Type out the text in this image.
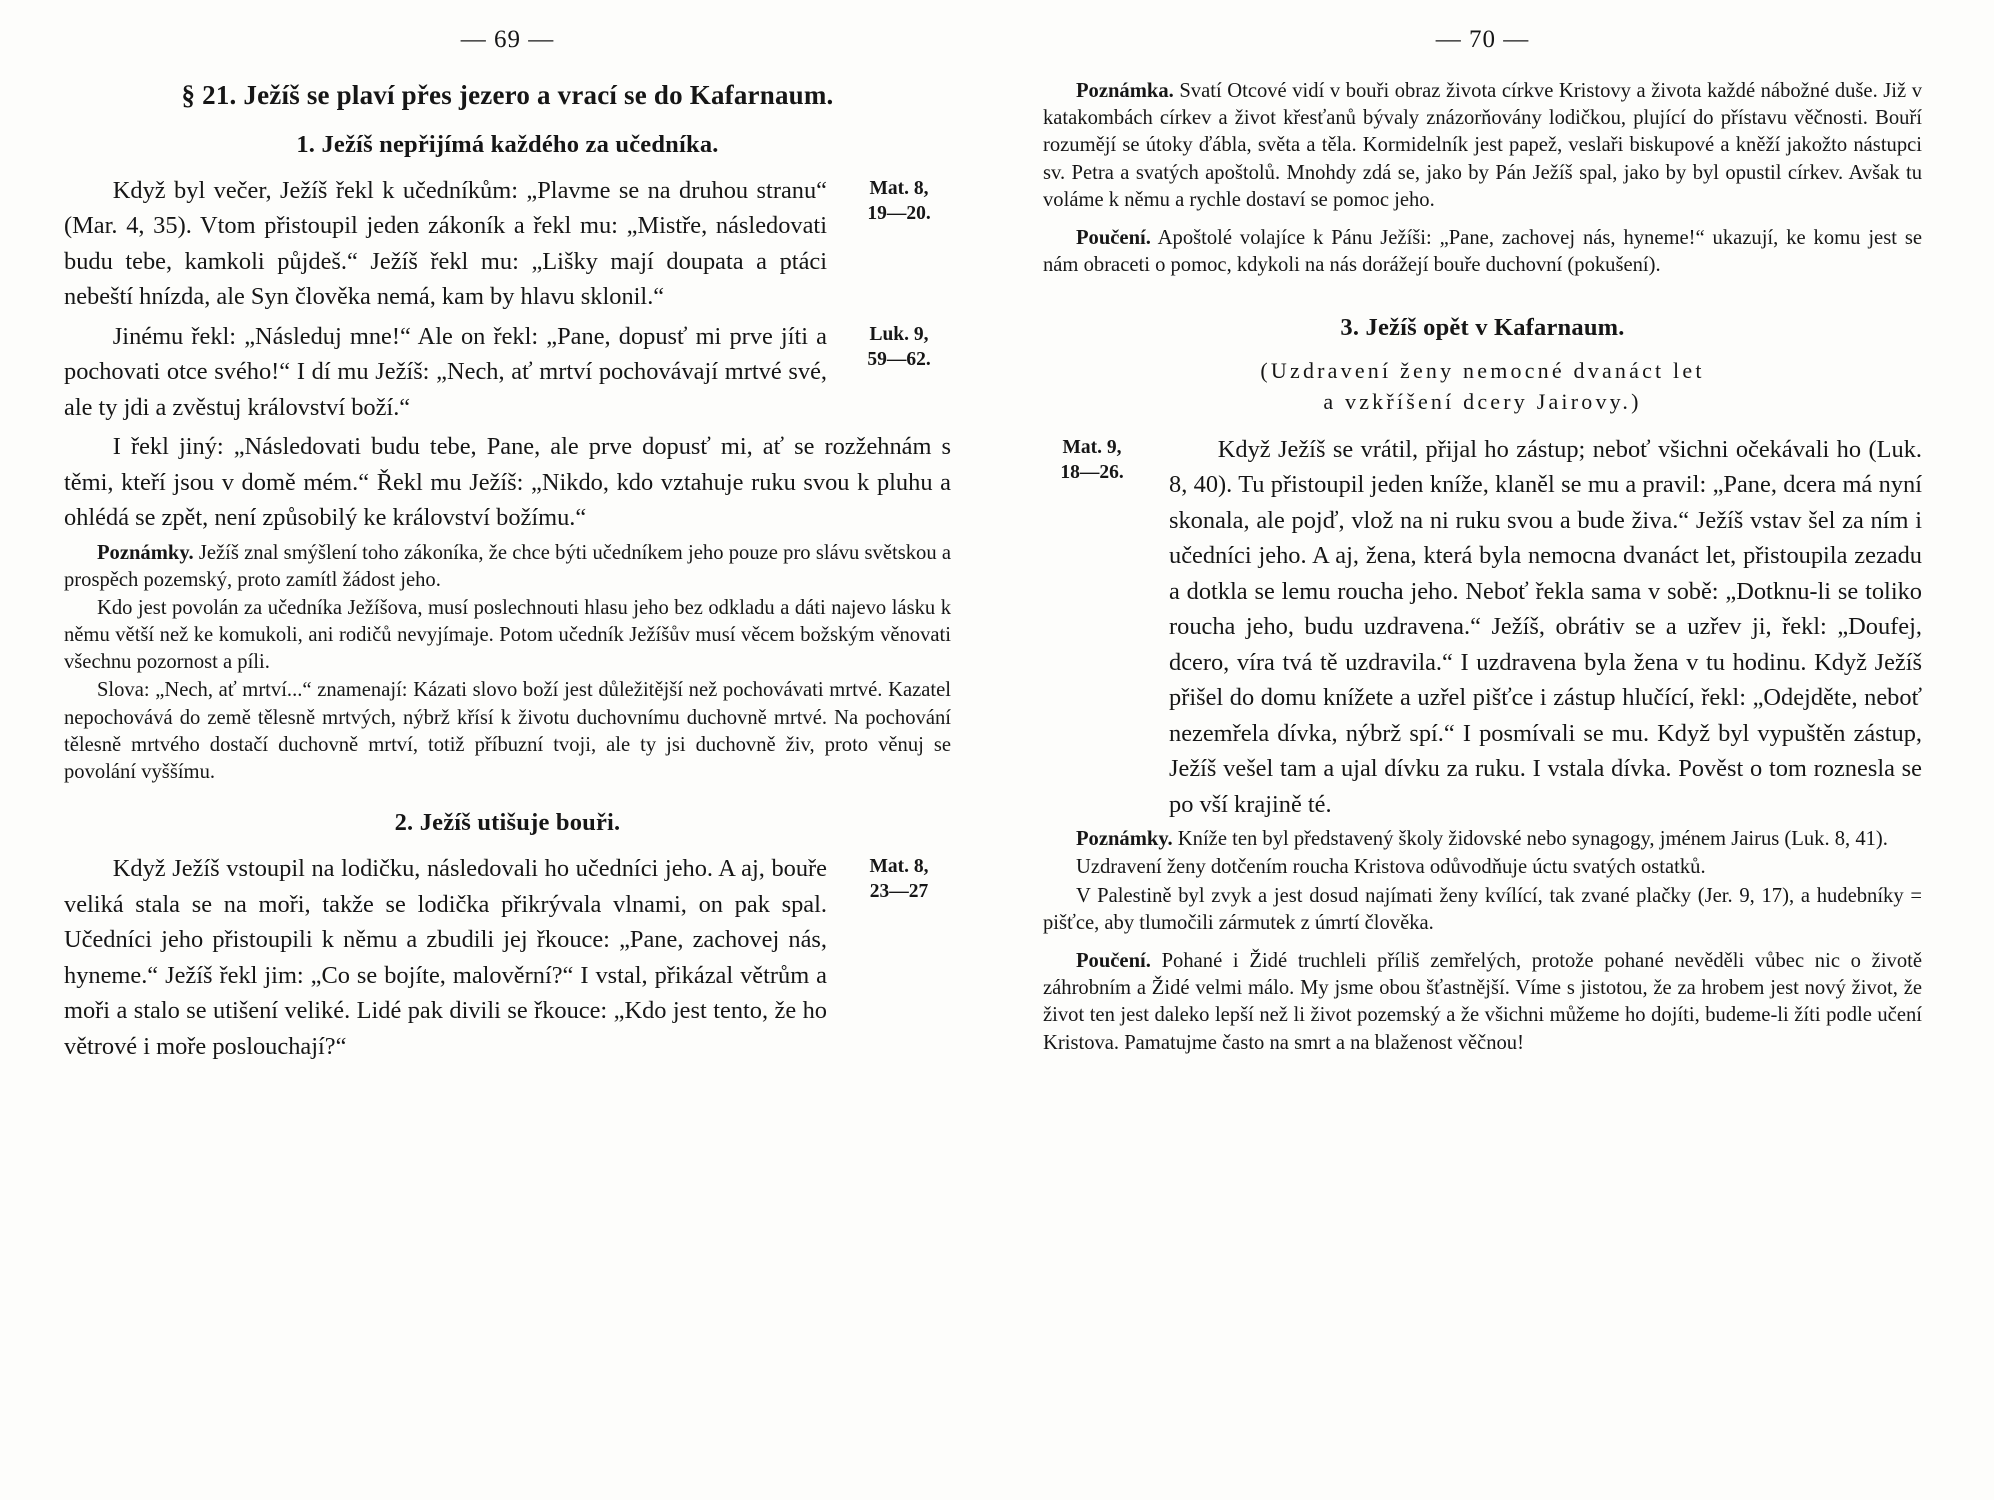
— 69 —
§ 21. Ježíš se plaví přes jezero a vrací se do Kafarnaum.
1. Ježíš nepřijímá každého za učedníka.
Mat. 8,
19—20.

Když byl večer, Ježíš řekl k učedníkům: „Plavme se na druhou stranu“ (Mar. 4, 35). Vtom přistoupil jeden zákoník a řekl mu: „Mistře, následovati budu tebe, kamkoli půjdeš.“ Ježíš řekl mu: „Lišky mají doupata a ptáci nebeští hnízda, ale Syn člověka nemá, kam by hlavu sklonil.“

Luk. 9,
59—62.

Jinému řekl: „Následuj mne!“ Ale on řekl: „Pane, dopusť mi prve jíti a pochovati otce svého!“ I dí mu Ježíš: „Nech, ať mrtví pochovávají mrtvé své, ale ty jdi a zvěstuj království boží.“

I řekl jiný: „Následovati budu tebe, Pane, ale prve dopusť mi, ať se rozžehnám s těmi, kteří jsou v domě mém.“ Řekl mu Ježíš: „Nikdo, kdo vztahuje ruku svou k pluhu a ohlédá se zpět, není způsobilý ke království božímu.“

Poznámky. Ježíš znal smýšlení toho zákoníka, že chce býti učedníkem jeho pouze pro slávu světskou a prospěch pozemský, proto zamítl žádost jeho.

Kdo jest povolán za učedníka Ježíšova, musí poslechnouti hlasu jeho bez odkladu a dáti najevo lásku k němu větší než ke komukoli, ani rodičů nevyjímaje. Potom učedník Ježíšův musí věcem božským věnovati všechnu pozornost a píli.

Slova: „Nech, ať mrtví...“ znamenají: Kázati slovo boží jest důležitější než pochovávati mrtvé. Kazatel nepochovává do země tělesně mrtvých, nýbrž křísí k životu duchovnímu duchovně mrtvé. Na pochování tělesně mrtvého dostačí duchovně mrtví, totiž příbuzní tvoji, ale ty jsi duchovně živ, proto věnuj se povolání vyššímu.

2. Ježíš utišuje bouři.
Mat. 8,
23—27

Když Ježíš vstoupil na lodičku, následovali ho učedníci jeho. A aj, bouře veliká stala se na moři, takže se lodička přikrývala vlnami, on pak spal. Učedníci jeho přistoupili k němu a zbudili jej řkouce: „Pane, zachovej nás, hyneme.“ Ježíš řekl jim: „Co se bojíte, malověrní?“ I vstal, přikázal větrům a moři a stalo se utišení veliké. Lidé pak divili se řkouce: „Kdo jest tento, že ho větrové i moře poslouchají?“

— 70 —

Poznámka. Svatí Otcové vidí v bouři obraz života církve Kristovy a života každé nábožné duše. Již v katakombách církev a život křesťanů bývaly znázorňovány lodičkou, plující do přístavu věčnosti. Bouří rozumějí se útoky ďábla, světa a těla. Kormidelník jest papež, veslaři biskupové a kněží jakožto nástupci sv. Petra a svatých apoštolů. Mnohdy zdá se, jako by Pán Ježíš spal, jako by byl opustil církev. Avšak tu voláme k němu a rychle dostaví se pomoc jeho.

Poučení. Apoštolé volajíce k Pánu Ježíši: „Pane, zachovej nás, hyneme!“ ukazují, ke komu jest se nám obraceti o pomoc, kdykoli na nás dorážejí bouře duchovní (pokušení).

3. Ježíš opět v Kafarnaum.
(Uzdravení ženy nemocné dvanáct let
a vzkříšení dcery Jairovy.)
Mat. 9,
18—26.

Když Ježíš se vrátil, přijal ho zástup; neboť všichni očekávali ho (Luk. 8, 40). Tu přistoupil jeden kníže, klaněl se mu a pravil: „Pane, dcera má nyní skonala, ale pojď, vlož na ni ruku svou a bude živa.“ Ježíš vstav šel za ním i učedníci jeho. A aj, žena, která byla nemocna dvanáct let, přistoupila zezadu a dotkla se lemu roucha jeho. Neboť řekla sama v sobě: „Dotknu-li se toliko roucha jeho, budu uzdravena.“ Ježíš, obrátiv se a uzřev ji, řekl: „Doufej, dcero, víra tvá tě uzdravila.“ I uzdravena byla žena v tu hodinu. Když Ježíš přišel do domu knížete a uzřel pišťce i zástup hlučící, řekl: „Odejděte, neboť nezemřela dívka, nýbrž spí.“ I posmívali se mu. Když byl vypuštěn zástup, Ježíš vešel tam a ujal dívku za ruku. I vstala dívka. Pověst o tom roznesla se po vší krajině té.

Poznámky. Kníže ten byl představený školy židovské nebo synagogy, jménem Jairus (Luk. 8, 41).

Uzdravení ženy dotčením roucha Kristova odůvodňuje úctu svatých ostatků.

V Palestině byl zvyk a jest dosud najímati ženy kvílící, tak zvané plačky (Jer. 9, 17), a hudebníky = pišťce, aby tlumočili zármutek z úmrtí člověka.

Poučení. Pohané i Židé truchleli příliš zemřelých, protože pohané nevěděli vůbec nic o životě záhrobním a Židé velmi málo. My jsme obou šťastnější. Víme s jistotou, že za hrobem jest nový život, že život ten jest daleko lepší než li život pozemský a že všichni můžeme ho dojíti, budeme-li žíti podle učení Kristova. Pamatujme často na smrt a na blaženost věčnou!
